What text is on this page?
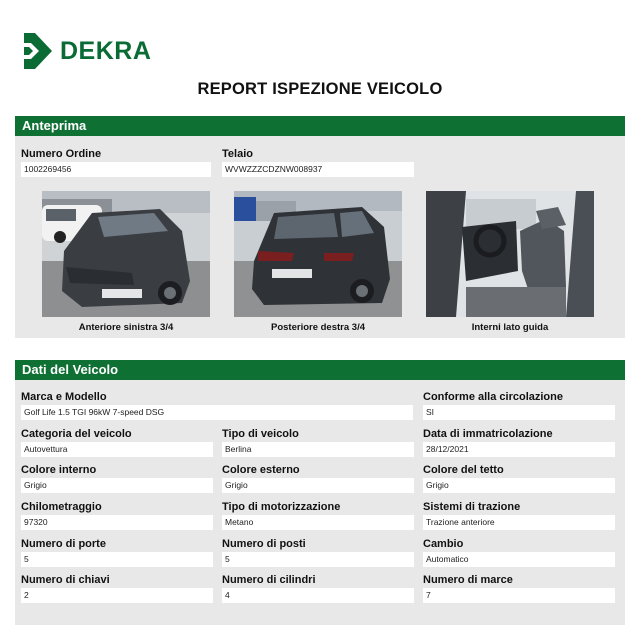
DEKRA
REPORT ISPEZIONE VEICOLO
Anteprima
Numero Ordine
1002269456
Telaio
WVWZZZCDZNW008937
Anteriore sinistra 3/4	Posteriore destra 3/4	Interni lato guida
Dati del Veicolo
Marca e Modello
Golf Life 1.5 TGI 96kW 7-speed DSG
Conforme alla circolazione
SI
Categoria del veicolo
Autovettura
Tipo di veicolo
Berlina
Data di immatricolazione
28/12/2021
Colore interno
Grigio
Colore esterno
Grigio
Colore del tetto
Grigio
Chilometraggio
97320
Tipo di motorizzazione
Metano
Sistemi di trazione
Trazione anteriore
Numero di porte
5
Numero di posti
5
Cambio
Automatico
Numero di chiavi
2
Numero di cilindri
4
Numero di marce
7
